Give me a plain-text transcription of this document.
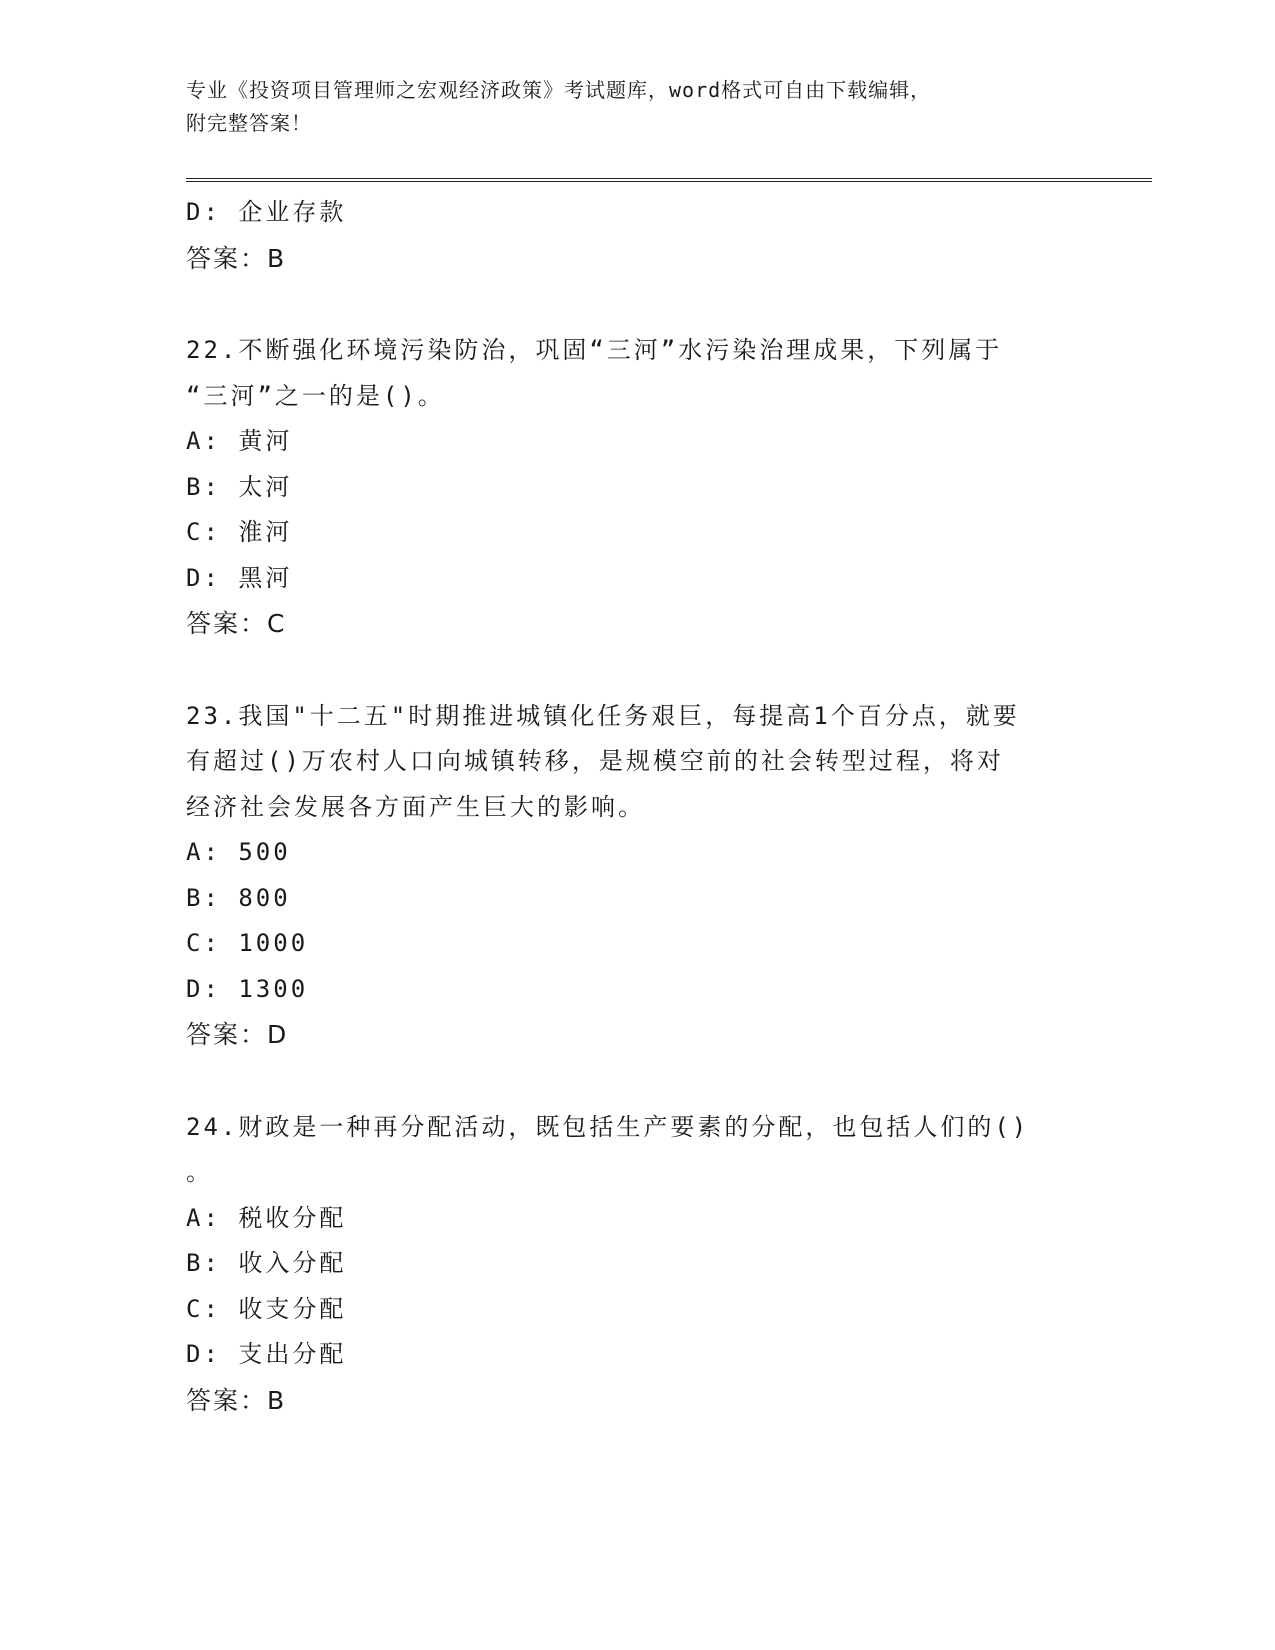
专业《投资项目管理师之宏观经济政策》考试题库，word格式可自由下载编辑，
附完整答案！
D: 企业存款
答案：B
22.不断强化环境污染防治，巩固“三河”水污染治理成果，下列属于
“三河”之一的是()。
A: 黄河
B: 太河
C: 淮河
D: 黑河
答案：C
23.我国"十二五"时期推进城镇化任务艰巨，每提高1个百分点，就要
有超过()万农村人口向城镇转移，是规模空前的社会转型过程，将对
经济社会发展各方面产生巨大的影响。
A: 500
B: 800
C: 1000
D: 1300
答案：D
24.财政是一种再分配活动，既包括生产要素的分配，也包括人们的()
。
A: 税收分配
B: 收入分配
C: 收支分配
D: 支出分配
答案：B
